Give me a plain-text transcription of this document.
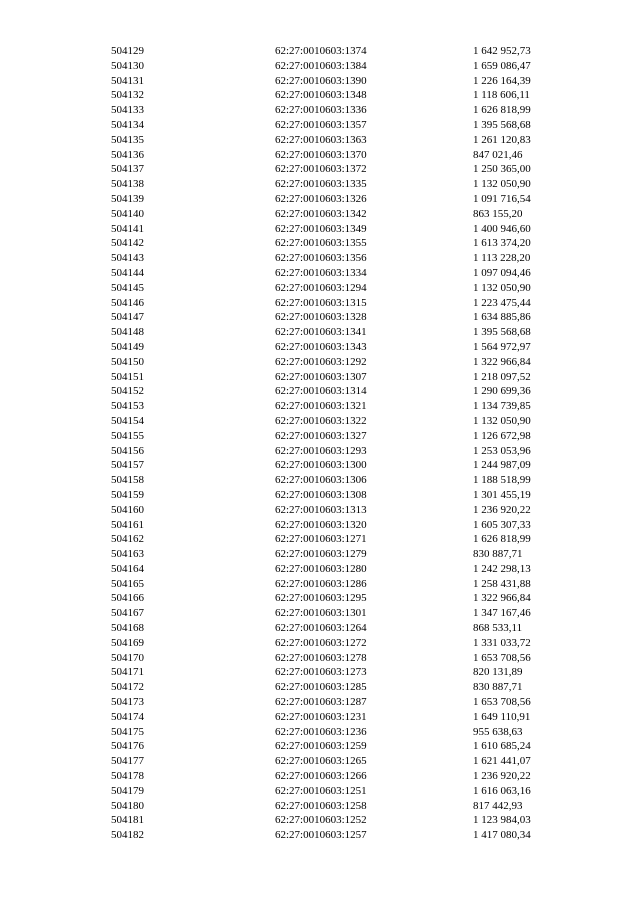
504129	62:27:0010603:1374	1 642 952,73
504130	62:27:0010603:1384	1 659 086,47
504131	62:27:0010603:1390	1 226 164,39
504132	62:27:0010603:1348	1 118 606,11
504133	62:27:0010603:1336	1 626 818,99
504134	62:27:0010603:1357	1 395 568,68
504135	62:27:0010603:1363	1 261 120,83
504136	62:27:0010603:1370	847 021,46
504137	62:27:0010603:1372	1 250 365,00
504138	62:27:0010603:1335	1 132 050,90
504139	62:27:0010603:1326	1 091 716,54
504140	62:27:0010603:1342	863 155,20
504141	62:27:0010603:1349	1 400 946,60
504142	62:27:0010603:1355	1 613 374,20
504143	62:27:0010603:1356	1 113 228,20
504144	62:27:0010603:1334	1 097 094,46
504145	62:27:0010603:1294	1 132 050,90
504146	62:27:0010603:1315	1 223 475,44
504147	62:27:0010603:1328	1 634 885,86
504148	62:27:0010603:1341	1 395 568,68
504149	62:27:0010603:1343	1 564 972,97
504150	62:27:0010603:1292	1 322 966,84
504151	62:27:0010603:1307	1 218 097,52
504152	62:27:0010603:1314	1 290 699,36
504153	62:27:0010603:1321	1 134 739,85
504154	62:27:0010603:1322	1 132 050,90
504155	62:27:0010603:1327	1 126 672,98
504156	62:27:0010603:1293	1 253 053,96
504157	62:27:0010603:1300	1 244 987,09
504158	62:27:0010603:1306	1 188 518,99
504159	62:27:0010603:1308	1 301 455,19
504160	62:27:0010603:1313	1 236 920,22
504161	62:27:0010603:1320	1 605 307,33
504162	62:27:0010603:1271	1 626 818,99
504163	62:27:0010603:1279	830 887,71
504164	62:27:0010603:1280	1 242 298,13
504165	62:27:0010603:1286	1 258 431,88
504166	62:27:0010603:1295	1 322 966,84
504167	62:27:0010603:1301	1 347 167,46
504168	62:27:0010603:1264	868 533,11
504169	62:27:0010603:1272	1 331 033,72
504170	62:27:0010603:1278	1 653 708,56
504171	62:27:0010603:1273	820 131,89
504172	62:27:0010603:1285	830 887,71
504173	62:27:0010603:1287	1 653 708,56
504174	62:27:0010603:1231	1 649 110,91
504175	62:27:0010603:1236	955 638,63
504176	62:27:0010603:1259	1 610 685,24
504177	62:27:0010603:1265	1 621 441,07
504178	62:27:0010603:1266	1 236 920,22
504179	62:27:0010603:1251	1 616 063,16
504180	62:27:0010603:1258	817 442,93
504181	62:27:0010603:1252	1 123 984,03
504182	62:27:0010603:1257	1 417 080,34
